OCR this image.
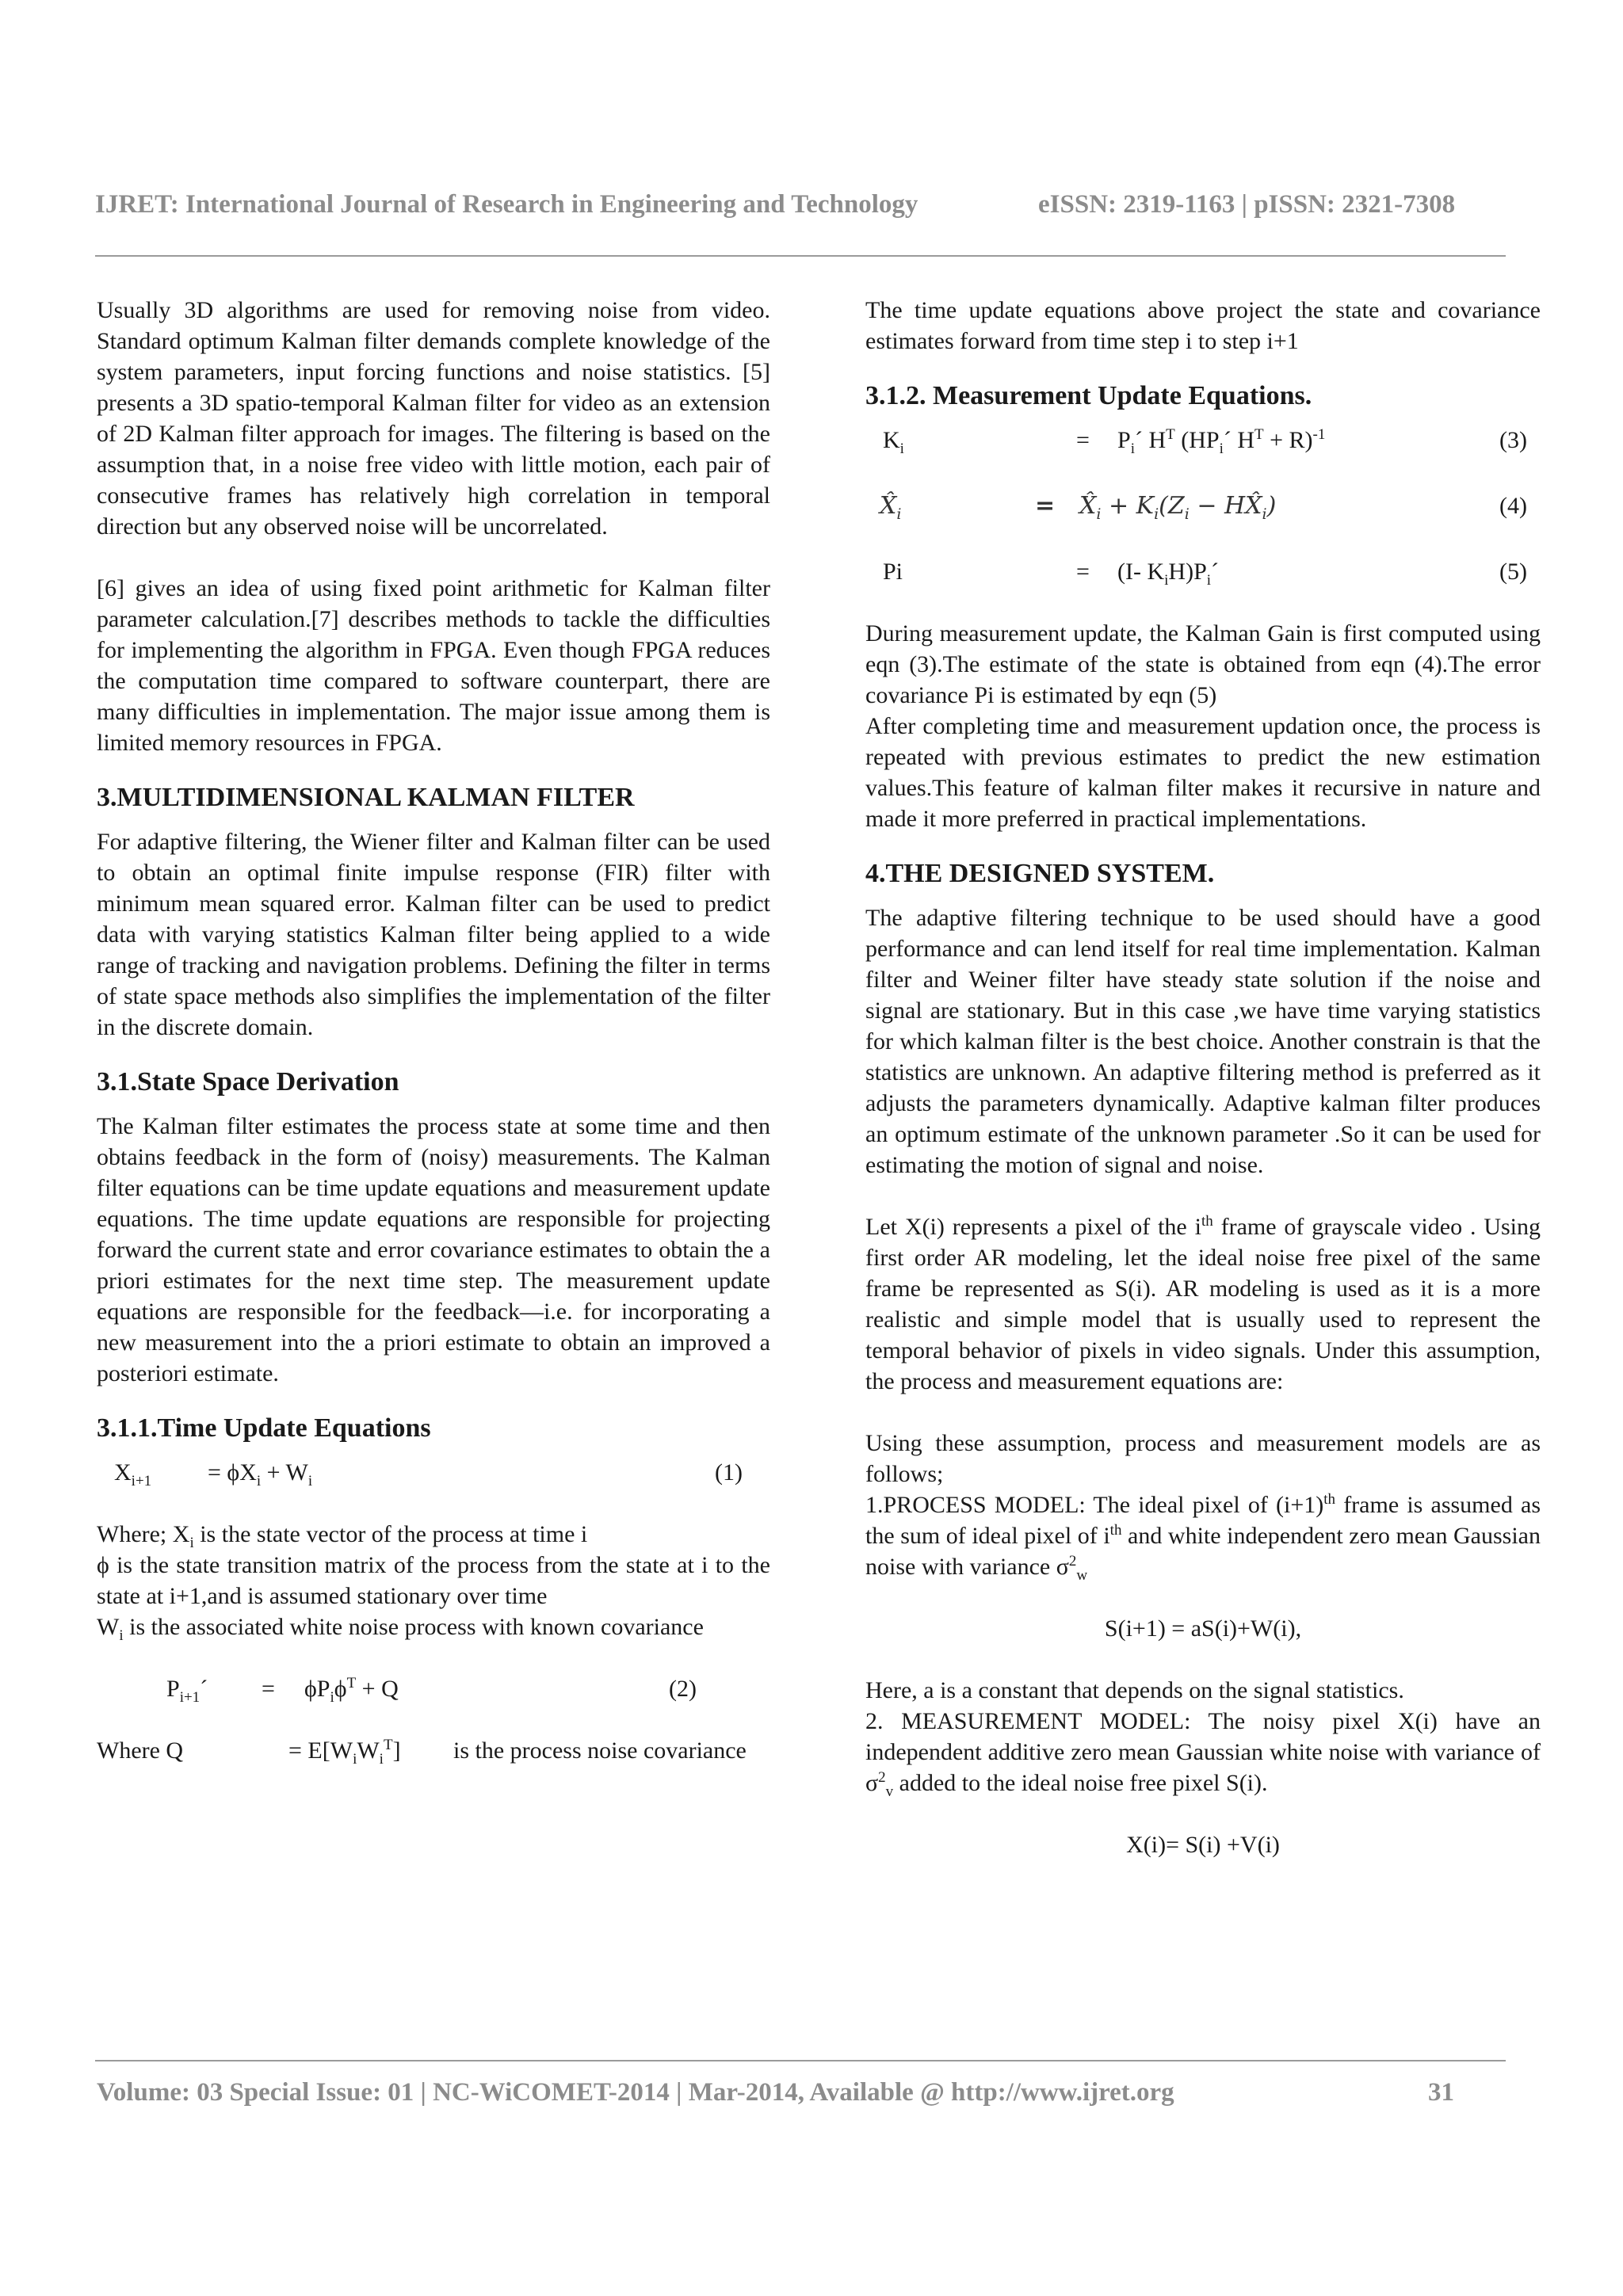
IJRET: International Journal of Research in Engineering and Technology	eISSN: 2319-1163 | pISSN: 2321-7308

Usually 3D algorithms are used for removing noise from video. Standard optimum Kalman filter demands complete knowledge of the system parameters, input forcing functions and noise statistics. [5] presents a 3D spatio-temporal Kalman filter for video as an extension of 2D Kalman filter approach for images. The filtering is based on the assumption that, in a noise free video with little motion, each pair of consecutive frames has relatively high correlation in temporal direction but any observed noise will be uncorrelated.

[6] gives an idea of using fixed point arithmetic for Kalman filter parameter calculation.[7] describes methods to tackle the difficulties for implementing the algorithm in FPGA. Even though FPGA reduces the computation time compared to software counterpart, there are many difficulties in implementation. The major issue among them is limited memory resources in FPGA.

3.MULTIDIMENSIONAL KALMAN FILTER

For adaptive filtering, the Wiener filter and Kalman filter can be used to obtain an optimal finite impulse response (FIR) filter with minimum mean squared error. Kalman filter can be used to predict data with varying statistics Kalman filter being applied to a wide range of tracking and navigation problems. Defining the filter in terms of state space methods also simplifies the implementation of the filter in the discrete domain.

3.1.State Space Derivation

The Kalman filter estimates the process state at some time and then obtains feedback in the form of (noisy) measurements. The Kalman filter equations can be time update equations and measurement update equations. The time update equations are responsible for projecting forward the current state and error covariance estimates to obtain the a priori estimates for the next time step. The measurement update equations are responsible for the feedback—i.e. for incorporating a new measurement into the a priori estimate to obtain an improved a posteriori estimate.

3.1.1.Time Update Equations
$X_{i+1} = \phi X_i + W_i$	(1)

Where; $X_i$ is the state vector of the process at time i

ϕ is the state transition matrix of the process from the state at i to the state at i+1,and is assumed stationary over time

$W_i$ is the associated white noise process with known covariance

$P_{i+1}´ = \phi P_i\phi^T + Q$	(2)
Where Q	= $E[W_iW_i^T]$ is the process noise covariance

The time update equations above project the state and covariance estimates forward from time step i to step i+1

3.1.2. Measurement Update Equations.
$K_i$	= $P_i´$ $H^T$ ($HP_i´$ $H^T + R)^{-1}$	(3)
$X̂_i$	= $X̂_i + K_i(Z_i$ − $HX̂_i$)	(4)
Pi	= (I- $K_iH)P_i´$	(5)

During measurement update, the Kalman Gain is first computed using eqn (3).The estimate of the state is obtained from eqn (4).The error covariance Pi is estimated by eqn (5)

After completing time and measurement updation once, the process is repeated with previous estimates to predict the new estimation values.This feature of kalman filter makes it recursive in nature and made it more preferred in practical implementations.

4.THE DESIGNED SYSTEM.

The adaptive filtering technique to be used should have a good performance and can lend itself for real time implementation. Kalman filter and Weiner filter have steady state solution if the noise and signal are stationary. But in this case ,we have time varying statistics for which kalman filter is the best choice. Another constrain is that the statistics are unknown. An adaptive filtering method is preferred as it adjusts the parameters dynamically. Adaptive kalman filter produces an optimum estimate of the unknown parameter .So it can be used for estimating the motion of signal and noise.

Let X(i) represents a pixel of the $i^{th}$ frame of grayscale video . Using first order AR modeling, let the ideal noise free pixel of the same frame be represented as S(i). AR modeling is used as it is a more realistic and simple model that is usually used to represent the temporal behavior of pixels in video signals. Under this assumption, the process and measurement equations are:

Using these assumption, process and measurement models are as follows;

1.PROCESS MODEL: The ideal pixel of $(i+1)^{th}$ frame is assumed as the sum of ideal pixel of $i^{th}$ and white independent zero mean Gaussian noise with variance $\sigma^2_w$

S(i+1) = aS(i)+W(i),

Here, a is a constant that depends on the signal statistics.

2. MEASUREMENT MODEL: The noisy pixel X(i) have an independent additive zero mean Gaussian white noise with variance of $\sigma^2_v$ added to the ideal noise free pixel S(i).

X(i)= S(i) +V(i)

Volume: 03 Special Issue: 01 | NC-WiCOMET-2014 | Mar-2014, Available @ http://www.ijret.org	31
